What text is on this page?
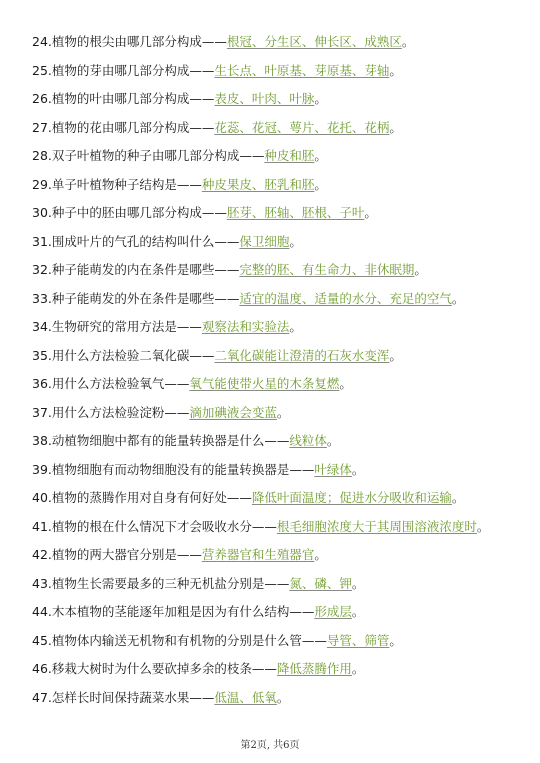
24.植物的根尖由哪几部分构成——根冠、分生区、伸长区、成熟区。
25.植物的芽由哪几部分构成——生长点、叶原基、芽原基、芽轴。
26.植物的叶由哪几部分构成——表皮、叶肉、叶脉。
27.植物的花由哪几部分构成——花蕊、花冠、萼片、花托、花柄。
28.双子叶植物的种子由哪几部分构成——种皮和胚。
29.单子叶植物种子结构是——种皮果皮、胚乳和胚。
30.种子中的胚由哪几部分构成——胚芽、胚轴、胚根、子叶。
31.围成叶片的气孔的结构叫什么——保卫细胞。
32.种子能萌发的内在条件是哪些——完整的胚、有生命力、非休眠期。
33.种子能萌发的外在条件是哪些——适宜的温度、适量的水分、充足的空气。
34.生物研究的常用方法是——观察法和实验法。
35.用什么方法检验二氧化碳——二氧化碳能让澄清的石灰水变浑。
36.用什么方法检验氧气——氧气能使带火星的木条复燃。
37.用什么方法检验淀粉——滴加碘液会变蓝。
38.动植物细胞中都有的能量转换器是什么——线粒体。
39.植物细胞有而动物细胞没有的能量转换器是——叶绿体。
40.植物的蒸腾作用对自身有何好处——降低叶面温度；促进水分吸收和运输。
41.植物的根在什么情况下才会吸收水分——根毛细胞浓度大于其周围溶液浓度时。
42.植物的两大器官分别是——营养器官和生殖器官。
43.植物生长需要最多的三种无机盐分别是——氮、磷、钾。
44.木本植物的茎能逐年加粗是因为有什么结构——形成层。
45.植物体内输送无机物和有机物的分别是什么管——导管、筛管。
46.移栽大树时为什么要砍掉多余的枝条——降低蒸腾作用。
47.怎样长时间保持蔬菜水果——低温、低氧。
第2页, 共6页
